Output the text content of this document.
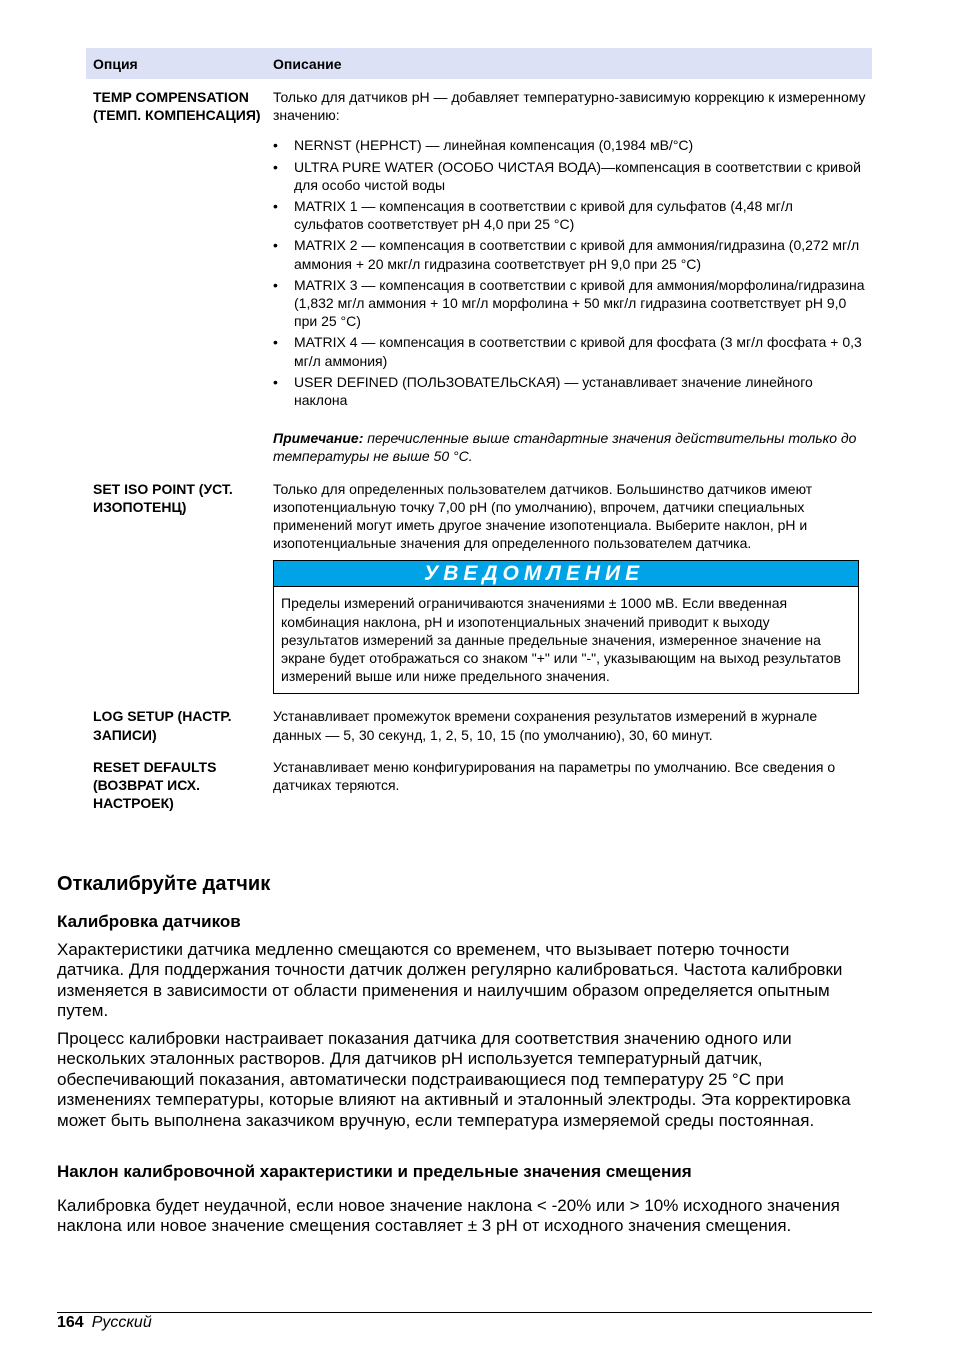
Опция	Описание
TEMP COMPENSATION (ТЕМП. КОМПЕНСАЦИЯ)

Только для датчиков pH — добавляет температурно-зависимую коррекцию к измеренному значению:

• NERNST (НЕРНСТ) — линейная компенсация (0,1984 мВ/°C)
• ULTRA PURE WATER (ОСОБО ЧИСТАЯ ВОДА)—компенсация в соответствии с кривой для особо чистой воды
• MATRIX 1 — компенсация в соответствии с кривой для сульфатов (4,48 мг/л сульфатов соответствует pH 4,0 при 25 °C)
• MATRIX 2 — компенсация в соответствии с кривой для аммония/гидразина (0,272 мг/л аммония + 20 мкг/л гидразина соответствует pH 9,0 при 25 °C)
• MATRIX 3 — компенсация в соответствии с кривой для аммония/морфолина/гидразина (1,832 мг/л аммония + 10 мг/л морфолина + 50 мкг/л гидразина соответствует pH 9,0 при 25 °C)
• MATRIX 4 — компенсация в соответствии с кривой для фосфата (3 мг/л фосфата + 0,3 мг/л аммония)
• USER DEFINED (ПОЛЬЗОВАТЕЛЬСКАЯ) — устанавливает значение линейного наклона

Примечание: перечисленные выше стандартные значения действительны только до температуры не выше 50 °C.

SET ISO POINT (УСТ. ИЗОПОТЕНЦ)

Только для определенных пользователем датчиков. Большинство датчиков имеют изопотенциальную точку 7,00 pH (по умолчанию), впрочем, датчики специальных применений могут иметь другое значение изопотенциала. Выберите наклон, pH и изопотенциальные значения для определенного пользователем датчика.

УВЕДОМЛЕНИЕ
Пределы измерений ограничиваются значениями ± 1000 мВ. Если введенная комбинация наклона, pH и изопотенциальных значений приводит к выходу результатов измерений за данные предельные значения, измеренное значение на экране будет отображаться со знаком "+" или "-", указывающим на выход результатов измерений выше или ниже предельного значения.
LOG SETUP (НАСТР. ЗАПИСИ)
Устанавливает промежуток времени сохранения результатов измерений в журнале данных — 5, 30 секунд, 1, 2, 5, 10, 15 (по умолчанию), 30, 60 минут.
RESET DEFAULTS (ВОЗВРАТ ИСХ. НАСТРОЕК)
Устанавливает меню конфигурирования на параметры по умолчанию. Все сведения о датчиках теряются.
Откалибруйте датчик
Калибровка датчиков

Характеристики датчика медленно смещаются со временем, что вызывает потерю точности датчика. Для поддержания точности датчик должен регулярно калиброваться. Частота калибровки изменяется в зависимости от области применения и наилучшим образом определяется опытным путем.

Процесс калибровки настраивает показания датчика для соответствия значению одного или нескольких эталонных растворов. Для датчиков pH используется температурный датчик, обеспечивающий показания, автоматически подстраивающиеся под температуру 25 °C при изменениях температуры, которые влияют на активный и эталонный электроды. Эта корректировка может быть выполнена заказчиком вручную, если температура измеряемой среды постоянная.

Наклон калибровочной характеристики и предельные значения смещения

Калибровка будет неудачной, если новое значение наклона < -20% или > 10% исходного значения наклона или новое значение смещения составляет ± 3 pH от исходного значения смещения.

164 Русский
